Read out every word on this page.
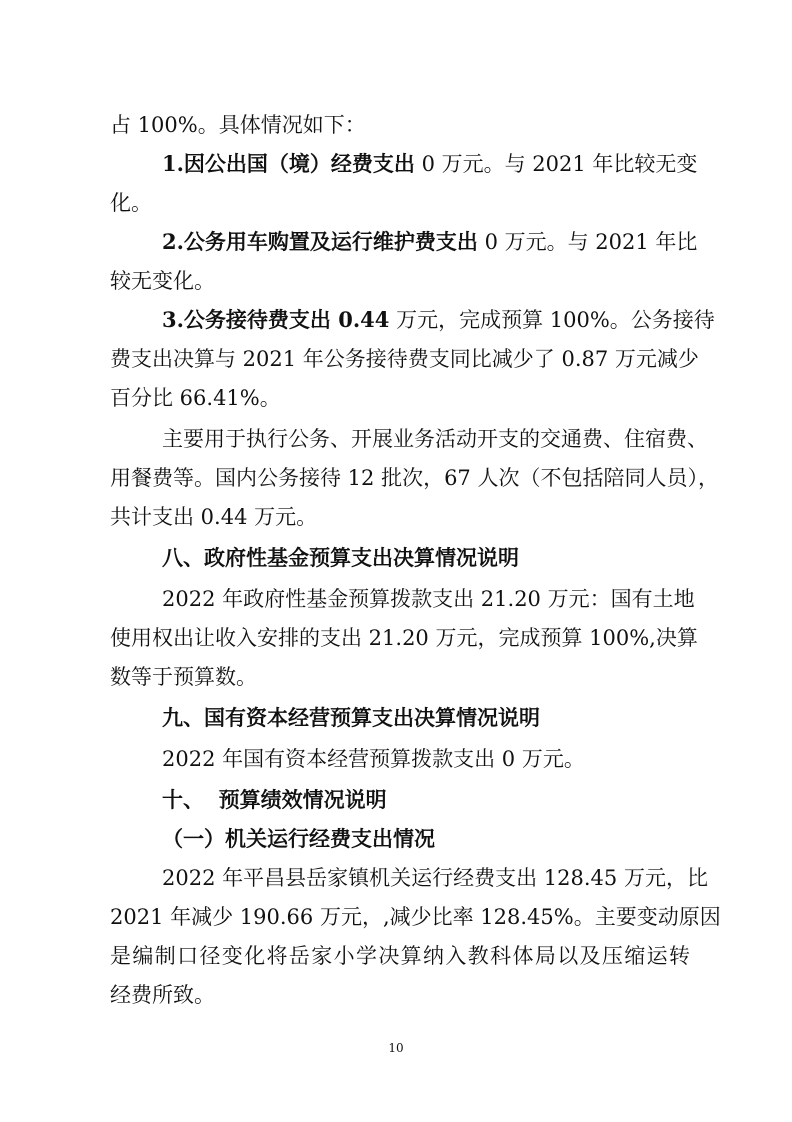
占 100%。具体情况如下：
1.因公出国（境）经费支出 0 万元。与 2021 年比较无变
化。
2.公务用车购置及运行维护费支出 0 万元。与 2021 年比
较无变化。
3.公务接待费支出 0.44 万元，完成预算 100%。公务接待
费支出决算与 2021 年公务接待费支同比减少了 0.87 万元减少
百分比 66.41%。
主要用于执行公务、开展业务活动开支的交通费、住宿费、
用餐费等。国内公务接待 12 批次，67 人次（不包括陪同人员），
共计支出 0.44 万元。
八、政府性基金预算支出决算情况说明
2022 年政府性基金预算拨款支出 21.20 万元：国有土地
使用权出让收入安排的支出 21.20 万元，完成预算 100%,决算
数等于预算数。
九、国有资本经营预算支出决算情况说明
2022 年国有资本经营预算拨款支出 0 万元。
十、  预算绩效情况说明
（一）机关运行经费支出情况
2022 年平昌县岳家镇机关运行经费支出 128.45 万元，比
2021 年减少 190.66 万元，,减少比率 128.45%。主要变动原因
是编制口径变化将岳家小学决算纳入教科体局以及压缩运转
经费所致。
10
